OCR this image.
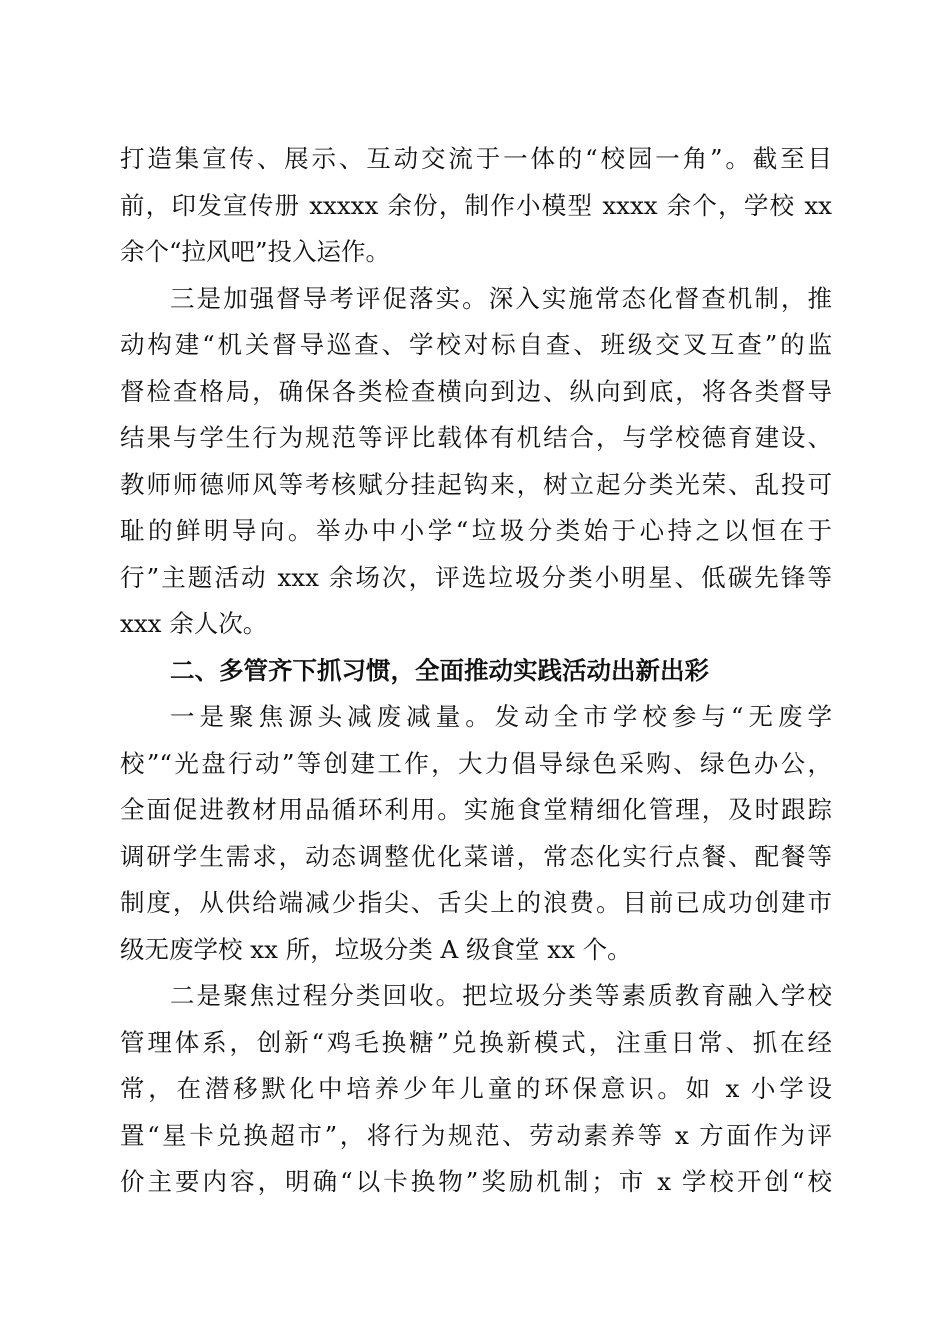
打造集宣传、展示、互动交流于一体的“校园一角”。截至目
前，印发宣传册 xxxxx 余份，制作小模型 xxxx 余个，学校 xx
余个“拉风吧”投入运作。
三是加强督导考评促落实。深入实施常态化督查机制，推
动构建“机关督导巡查、学校对标自查、班级交叉互查”的监
督检查格局，确保各类检查横向到边、纵向到底，将各类督导
结果与学生行为规范等评比载体有机结合，与学校德育建设、
教师师德师风等考核赋分挂起钩来，树立起分类光荣、乱投可
耻的鲜明导向。举办中小学“垃圾分类始于心持之以恒在于
行”主题活动 xxx 余场次，评选垃圾分类小明星、低碳先锋等
xxx 余人次。
二、多管齐下抓习惯，全面推动实践活动出新出彩
一是聚焦源头减废减量。发动全市学校参与“无废学
校”“光盘行动”等创建工作，大力倡导绿色采购、绿色办公，
全面促进教材用品循环利用。实施食堂精细化管理，及时跟踪
调研学生需求，动态调整优化菜谱，常态化实行点餐、配餐等
制度，从供给端减少指尖、舌尖上的浪费。目前已成功创建市
级无废学校 xx 所，垃圾分类 A 级食堂 xx 个。
二是聚焦过程分类回收。把垃圾分类等素质教育融入学校
管理体系，创新“鸡毛换糖”兑换新模式，注重日常、抓在经
常，在潜移默化中培养少年儿童的环保意识。如 x 小学设
置“星卡兑换超市”，将行为规范、劳动素养等 x 方面作为评
价主要内容，明确“以卡换物”奖励机制；市 x 学校开创“校
